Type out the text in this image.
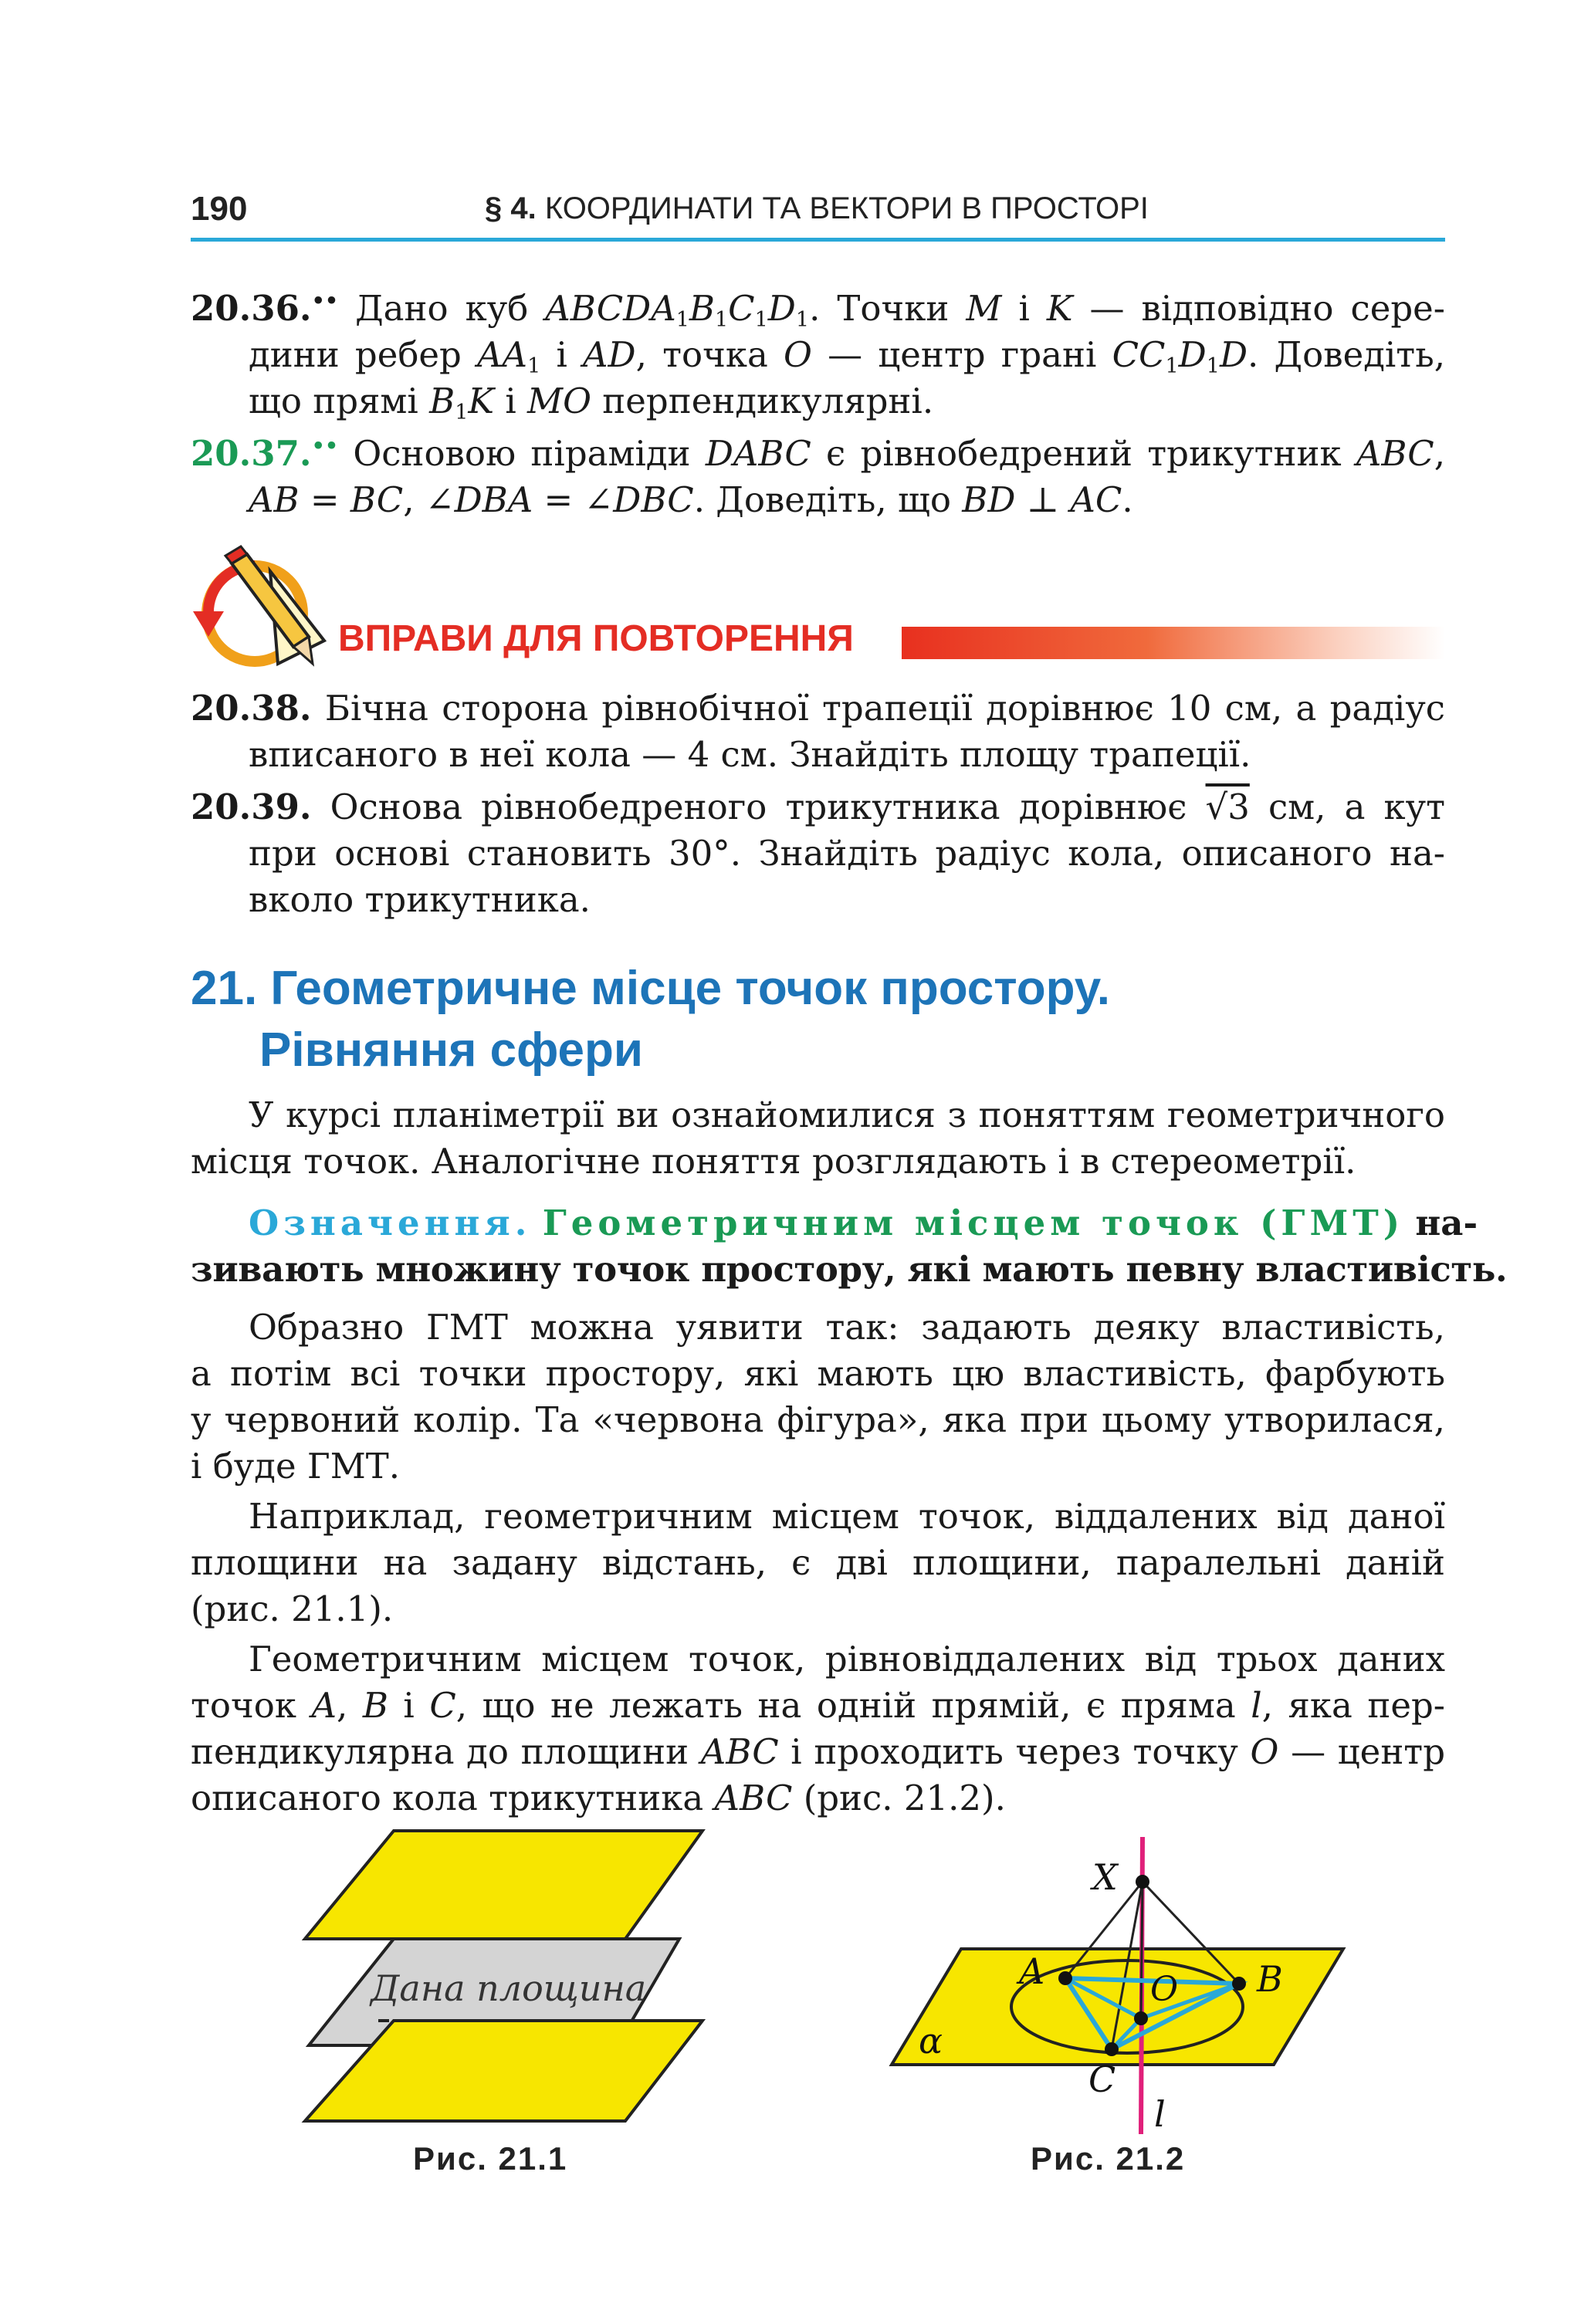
190	§ 4. КООРДИНАТИ ТА ВЕКТОРИ В ПРОСТОРІ
20.36.•• Дано куб $ABCDA_1B_1C_1D_1$. Точки M і K — відповідно сере-
дини ребер $AA_1$ і AD, точка O — центр грані $CC_1D_1D$. Доведіть,
що прямі $B_1K$ і MO перпендикулярні.
20.37.•• Основою піраміди DABC є рівнобедрений трикутник ABC,
AB = BC, ∠DBA = ∠DBC. Доведіть, що BD ⊥ AC.
ВПРАВИ ДЛЯ ПОВТОРЕННЯ
20.38. Бічна сторона рівнобічної трапеції дорівнює 10 см, а радіус
вписаного в неї кола — 4 см. Знайдіть площу трапеції.
20.39. Основа рівнобедреного трикутника дорівнює √3 см, а кут
при основі становить 30°. Знайдіть радіус кола, описаного на-
вколо трикутника.
21. Геометричне місце точок простору.
Рівняння сфери
У курсі планіметрії ви ознайомилися з поняттям геометричного
місця точок. Аналогічне поняття розглядають і в стереометрії.
Означення. Геометричним місцем точок (ГМТ) на-
зивають множину точок простору, які мають певну властивість.
Образно ГМТ можна уявити так: задають деяку властивість,
а потім всі точки простору, які мають цю властивість, фарбують
у червоний колір. Та «червона фігура», яка при цьому утворилася,
і буде ГМТ.
Наприклад, геометричним місцем точок, віддалених від даної
площини на задану відстань, є дві площини, паралельні даній
(рис. 21.1).
Геометричним місцем точок, рівновіддалених від трьох даних
точок A, B і C, що не лежать на одній прямій, є пряма l, яка пер-
пендикулярна до площини ABC і проходить через точку O — центр
описаного кола трикутника ABC (рис. 21.2).
Дана площина
Рис. 21.1
X
A	B
C
O
l
α
Рис. 21.2
